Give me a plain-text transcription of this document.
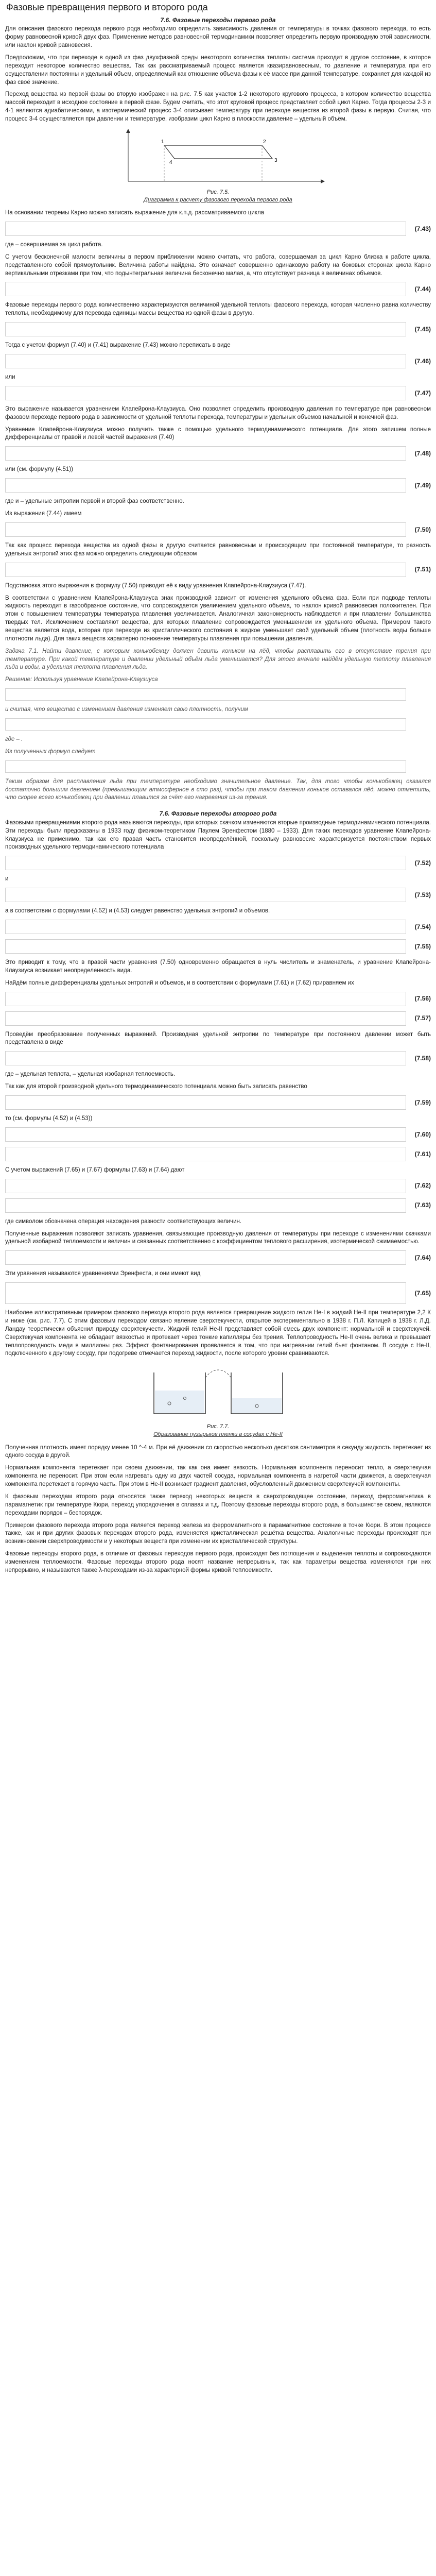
Фазовые превращения первого и второго рода
7.6. Фазовые переходы первого рода

Для описания фазового перехода первого рода необходимо определить зависимость давления от температуры в точках фазового перехода, то есть форму равновесной кривой двух фаз. Применение методов равновесной термодинамики позволяет определить первую производную этой зависимости, или наклон кривой равновесия.

Предположим, что при переходе в одной из фаз двухфазной среды некоторого количества теплоты система приходит в другое состояние, в которое переходит некоторое количество вещества. Так как рассматриваемый процесс является квазиравновесным, то давление и температура при его осуществлении постоянны и удельный объем, определяемый как отношение объема фазы к её массе при данной температуре, сохраняет для каждой из фаз своё значение.

Переход вещества из первой фазы во вторую изображен на рис. 7.5 как участок 1-2 некоторого кругового процесса, в котором количество вещества массой переходит в исходное состояние в первой фазе. Будем считать, что этот круговой процесс представляет собой цикл Карно. Тогда процессы 2-3 и 4-1 являются адиабатическими, а изотермический процесс 3-4 описывает температуру при переходе вещества из второй фазы в первую. Считая, что процесс 3-4 осуществляется при давлении и температуре, изобразим цикл Карно в плоскости давление – удельный объём.

1	2
3
4
Рис. 7.5.
Диаграмма к расчету фазового перехода первого рода

На основании теоремы Карно можно записать выражение для к.п.д. рассматриваемого цикла

(7.43)

где – совершаемая за цикл работа.

С учетом бесконечной малости величины в первом приближении можно считать, что работа, совершаемая за цикл Карно близка к работе цикла, представленного собой прямоугольник. Величина работы найдена. Это означает совершенно одинаковую работу на боковых сторонах цикла Карно вертикальными отрезками при том, что подынтегральная величина бесконечно малая, а, что отсутствует разница в величинах объемов.

(7.44)

Фазовые переходы первого рода количественно характеризуются величиной удельной теплоты фазового перехода, которая численно равна количеству теплоты, необходимому для перевода единицы массы вещества из одной фазы в другую.

(7.45)

Тогда с учетом формул (7.40) и (7.41) выражение (7.43) можно переписать в виде

(7.46)

или

(7.47)

Это выражение называется уравнением Клапейрона-Клаузиуса. Оно позволяет определить производную давления по температуре при равновесном фазовом переходе первого рода в зависимости от удельной теплоты перехода, температуры и удельных объемов начальной и конечной фаз.

Уравнение Клапейрона-Клаузиуса можно получить также с помощью удельного термодинамического потенциала. Для этого запишем полные дифференциалы от правой и левой частей выражения (7.40)

(7.48)

или (см. формулу (4.51))

(7.49)

где и – удельные энтропии первой и второй фаз соответственно.

Из выражения (7.44) имеем

(7.50)

Так как процесс перехода вещества из одной фазы в другую считается равновесным и происходящим при постоянной температуре, то разность удельных энтропий этих фаз можно определить следующим образом

(7.51)

Подстановка этого выражения в формулу (7.50) приводит её к виду уравнения Клапейрона-Клаузиуса (7.47).

В соответствии с уравнением Клапейрона-Клаузиуса знак производной зависит от изменения удельного объема фаз. Если при подводе теплоты жидкость переходит в газообразное состояние, что сопровождается увеличением удельного объема, то наклон кривой равновесия положителен. При этом с повышением температуры температура плавления увеличивается. Аналогичная закономерность наблюдается и при плавлении большинства твердых тел. Исключением составляют вещества, для которых плавление сопровождается уменьшением их удельного объема. Примером такого вещества является вода, которая при переходе из кристаллического состояния в жидкое уменьшает свой удельный объем (плотность воды больше плотности льда). Для таких веществ характерно понижение температуры плавления при повышении давления.

Задача 7.1. Найти давление, с которым конькобежцу должен давить коньком на лёд, чтобы расплавить его в отсутствие трения при температуре. При какой температуре и давлении удельный объём льда уменьшается? Для этого вначале найдём удельную теплоту плавления льда и воды, а удельная теплота плавления льда.

Решение: Используя уравнение Клапейрона-Клаузиуса

и считая, что вещество с изменением давления изменяет свою плотность, получим

где – .

Из полученных формул следует

Таким образом для расплавления льда при температуре необходимо значительное давление. Так, для того чтобы конькобежец оказался достаточно большим давлением (превышающим атмосферное в сто раз), чтобы при таком давлении коньков оставался лёд, можно отметить, что скорее всего конькобежец при давлении плавится за счёт его нагревания из-за трения.

7.6. Фазовые переходы второго рода

Фазовыми превращениями второго рода называются переходы, при которых скачком изменяются вторые производные термодинамического потенциала. Эти переходы были предсказаны в 1933 году физиком-теоретиком Паулем Эренфестом (1880 – 1933). Для таких переходов уравнение Клапейрона-Клаузиуса не применимо, так как его правая часть становится неопределённой, поскольку равновесие характеризуется постоянством первых производных удельного термодинамического потенциала

(7.52)

и

(7.53)

а в соответствии с формулами (4.52) и (4.53) следует равенство удельных энтропий и объемов.

(7.54)
(7.55)

Это приводит к тому, что в правой части уравнения (7.50) одновременно обращается в нуль числитель и знаменатель, и уравнение Клапейрона-Клаузиуса возникает неопределенность вида.

Найдём полные дифференциалы удельных энтропий и объемов, и в соответствии с формулами (7.61) и (7.62) приравняем их

(7.56)
(7.57)

Проведём преобразование полученных выражений. Производная удельной энтропии по температуре при постоянном давлении может быть представлена в виде

(7.58)

где – удельная теплота, – удельная изобарная теплоемкость.

Так как для второй производной удельного термодинамического потенциала можно быть записать равенство

(7.59)

то (см. формулы (4.52) и (4.53))

(7.60)
(7.61)

С учетом выражений (7.65) и (7.67) формулы (7.63) и (7.64) дают

(7.62)
(7.63)

где символом обозначена операция нахождения разности соответствующих величин.

Полученные выражения позволяют записать уравнения, связывающие производную давления от температуры при переходе с изменениями скачками удельной изобарной теплоемкости и величин и связанных соответственно с коэффициентом теплового расширения, изотермической сжимаемостью.

(7.64)

Эти уравнения называются уравнениями Эренфеста, и они имеют вид

(7.65)

Наиболее иллюстративным примером фазового перехода второго рода является превращение жидкого гелия He-I в жидкий He-II при температуре 2,2 К и ниже (см. рис. 7.7). С этим фазовым переходом связано явление сверхтекучести, открытое экспериментально в 1938 г. П.Л. Капицей в 1938 г. Л.Д. Ландау теоретически объяснил природу сверхтекучести. Жидкий гелий He-II представляет собой смесь двух компонент: нормальной и сверхтекучей. Сверхтекучая компонента не обладает вязкостью и протекает через тонкие капилляры без трения. Теплопроводность He-II очень велика и превышает теплопроводность меди в миллионы раз. Эффект фонтанирования проявляется в том, что при нагревании гелий бьет фонтаном. В сосуде с He-II, подключенного к другому сосуду, при подогреве отмечается переход жидкости, после которого уровни сравниваются.

Рис. 7.7.
Образование пузырьков пленки в сосудах с He-II

Полученная плотность имеет порядку менее 10 ^-4 м. При её движении со скоростью несколько десятков сантиметров в секунду жидкость перетекает из одного сосуда в другой.

Нормальная компонента перетекает при своем движении, так как она имеет вязкость. Нормальная компонента переносит тепло, а сверхтекучая компонента не переносит. При этом если нагревать одну из двух частей сосуда, нормальная компонента в нагретой части движется, а сверхтекучая компонента перетекает в горячую часть. При этом в He-II возникает градиент давления, обусловленный движением сверхтекучей компоненты.

К фазовым переходам второго рода относятся также переход некоторых веществ в сверхпроводящее состояние, переход ферромагнетика в парамагнетик при температуре Кюри, переход упорядочения в сплавах и т.д. Поэтому фазовые переходы второго рода, в большинстве своем, являются переходами порядок – беспорядок.

Примером фазового перехода второго рода является переход железа из ферромагнитного в парамагнитное состояние в точке Кюри. В этом процессе также, как и при других фазовых переходах второго рода, изменяется кристаллическая решётка вещества. Аналогичные переходы происходят при возникновении сверхпроводимости и у некоторых веществ при изменении их кристаллической структуры.

Фазовые переходы второго рода, в отличие от фазовых переходов первого рода, происходят без поглощения и выделения теплоты и сопровождаются изменением теплоемкости. Фазовые переходы второго рода носят название непрерывных, так как параметры вещества изменяются при них непрерывно, и называются также λ-переходами из-за характерной формы кривой теплоемкости.
